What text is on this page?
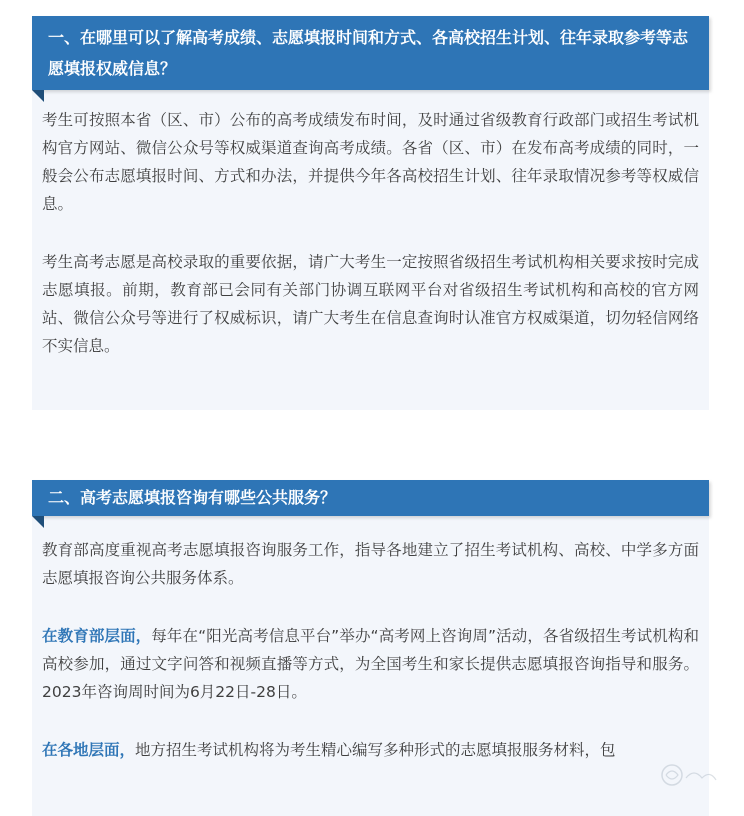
一、在哪里可以了解高考成绩、志愿填报时间和方式、各高校招生计划、往年录取参考等志愿填报权威信息？

考生可按照本省（区、市）公布的高考成绩发布时间，及时通过省级教育行政部门或招生考试机构官方网站、微信公众号等权威渠道查询高考成绩。各省（区、市）在发布高考成绩的同时，一般会公布志愿填报时间、方式和办法，并提供今年各高校招生计划、往年录取情况参考等权威信息。

考生高考志愿是高校录取的重要依据，请广大考生一定按照省级招生考试机构相关要求按时完成志愿填报。前期，教育部已会同有关部门协调互联网平台对省级招生考试机构和高校的官方网站、微信公众号等进行了权威标识，请广大考生在信息查询时认准官方权威渠道，切勿轻信网络不实信息。

二、高考志愿填报咨询有哪些公共服务？

教育部高度重视高考志愿填报咨询服务工作，指导各地建立了招生考试机构、高校、中学多方面志愿填报咨询公共服务体系。

在教育部层面，每年在“阳光高考信息平台”举办“高考网上咨询周”活动，各省级招生考试机构和高校参加，通过文字问答和视频直播等方式，为全国考生和家长提供志愿填报咨询指导和服务。2023年咨询周时间为6月22日-28日。

在各地层面，地方招生考试机构将为考生精心编写多种形式的志愿填报服务材料，包
